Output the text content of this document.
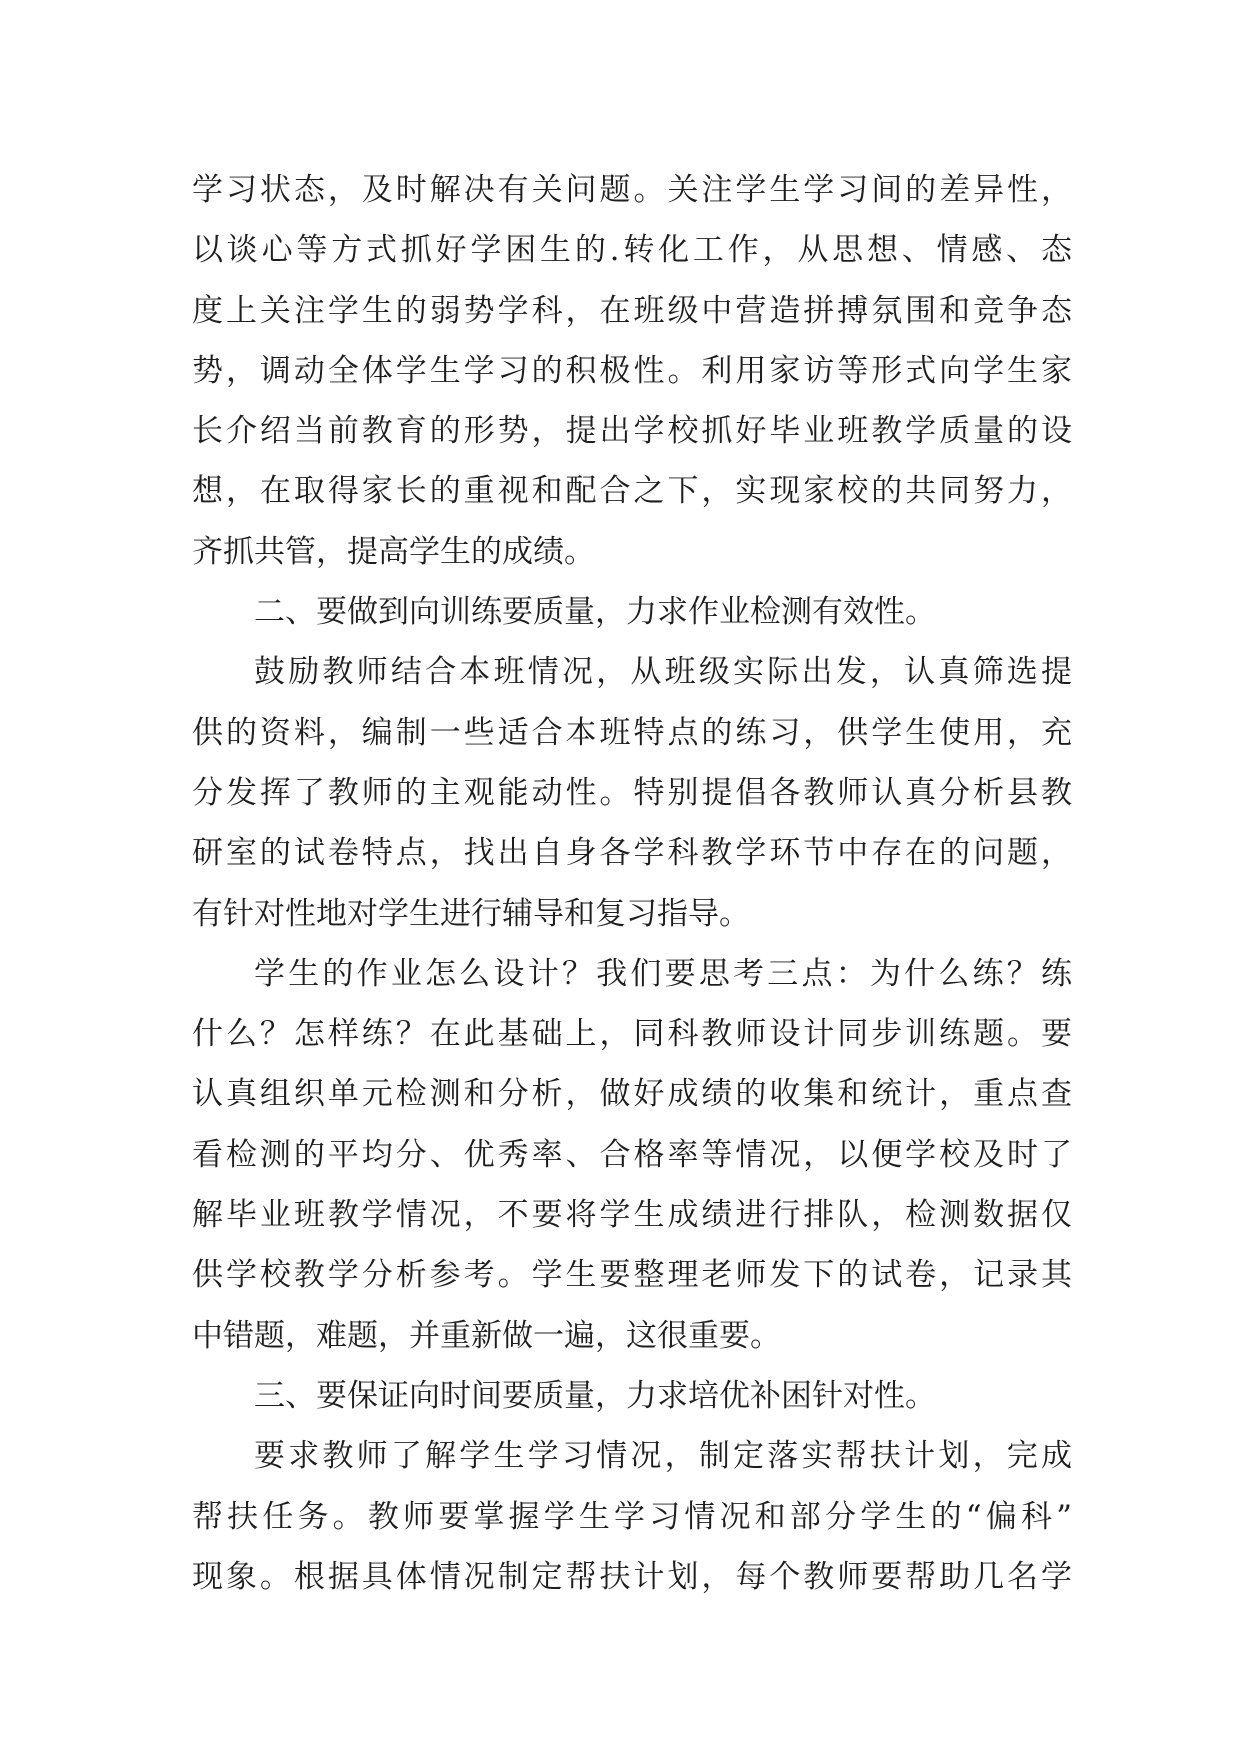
学习状态，及时解决有关问题。关注学生学习间的差异性，
以谈心等方式抓好学困生的.转化工作，从思想、情感、态
度上关注学生的弱势学科，在班级中营造拼搏氛围和竞争态
势，调动全体学生学习的积极性。利用家访等形式向学生家
长介绍当前教育的形势，提出学校抓好毕业班教学质量的设
想，在取得家长的重视和配合之下，实现家校的共同努力，
齐抓共管，提高学生的成绩。
二、要做到向训练要质量，力求作业检测有效性。
鼓励教师结合本班情况，从班级实际出发，认真筛选提
供的资料，编制一些适合本班特点的练习，供学生使用，充
分发挥了教师的主观能动性。特别提倡各教师认真分析县教
研室的试卷特点，找出自身各学科教学环节中存在的问题，
有针对性地对学生进行辅导和复习指导。
学生的作业怎么设计？我们要思考三点：为什么练？练
什么？怎样练？在此基础上，同科教师设计同步训练题。要
认真组织单元检测和分析，做好成绩的收集和统计，重点查
看检测的平均分、优秀率、合格率等情况，以便学校及时了
解毕业班教学情况，不要将学生成绩进行排队，检测数据仅
供学校教学分析参考。学生要整理老师发下的试卷，记录其
中错题，难题，并重新做一遍，这很重要。
三、要保证向时间要质量，力求培优补困针对性。
要求教师了解学生学习情况，制定落实帮扶计划，完成
帮扶任务。教师要掌握学生学习情况和部分学生的“偏科”
现象。根据具体情况制定帮扶计划，每个教师要帮助几名学
